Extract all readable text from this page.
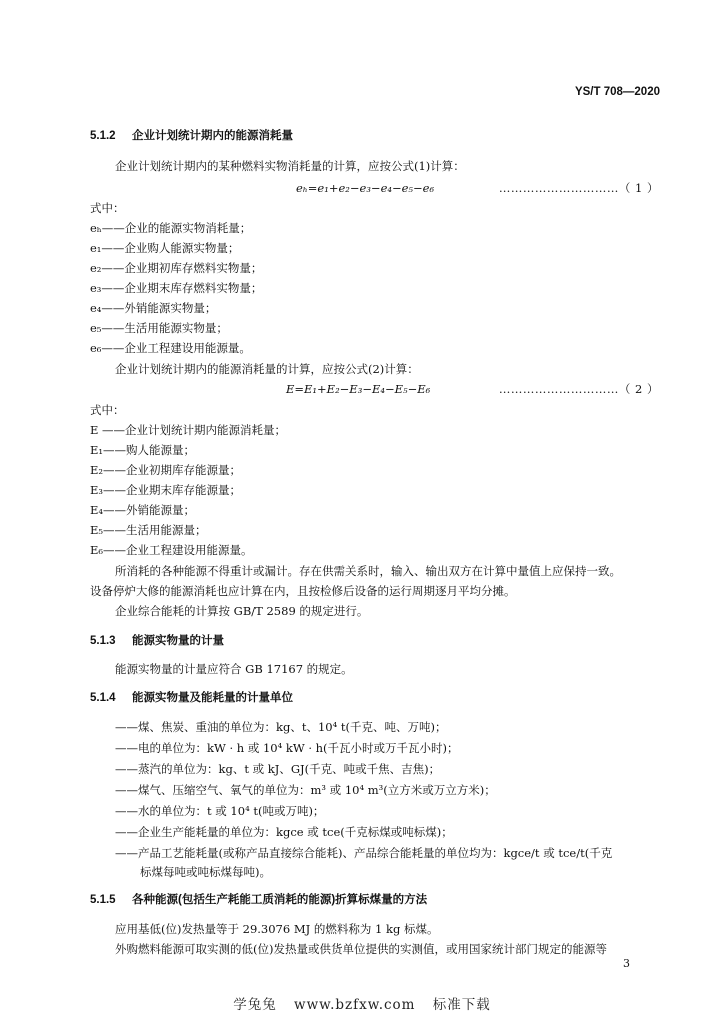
YS/T 708—2020
5.1.2 企业计划统计期内的能源消耗量
企业计划统计期内的某种燃料实物消耗量的计算，应按公式(1)计算：
eₕ=e₁+e₂−e₃−e₄−e₅−e₆	…………………………（ 1 ）
式中：
eₕ——企业的能源实物消耗量；
e₁——企业购人能源实物量；
e₂——企业期初库存燃料实物量；
e₃——企业期末库存燃料实物量；
e₄——外销能源实物量；
e₅——生活用能源实物量；
e₆——企业工程建设用能源量。
企业计划统计期内的能源消耗量的计算，应按公式(2)计算：
E=E₁+E₂−E₃−E₄−E₅−E₆	…………………………（ 2 ）
式中：
E ——企业计划统计期内能源消耗量；
E₁——购人能源量；
E₂——企业初期库存能源量；
E₃——企业期末库存能源量；
E₄——外销能源量；
E₅——生活用能源量；
E₆——企业工程建设用能源量。
所消耗的各种能源不得重计或漏计。存在供需关系时，输入、输出双方在计算中量值上应保持一致。
设备停炉大修的能源消耗也应计算在内，且按检修后设备的运行周期逐月平均分摊。
企业综合能耗的计算按 GB/T 2589 的规定进行。
5.1.3 能源实物量的计量
能源实物量的计量应符合 GB 17167 的规定。
5.1.4 能源实物量及能耗量的计量单位
——煤、焦炭、重油的单位为：kg、t、10⁴ t(千克、吨、万吨)；
——电的单位为：kW · h 或 10⁴ kW · h(千瓦小时或万千瓦小时)；
——蒸汽的单位为：kg、t 或 kJ、GJ(千克、吨或千焦、吉焦)；
——煤气、压缩空气、氧气的单位为：m³ 或 10⁴ m³(立方米或万立方米)；
——水的单位为：t 或 10⁴ t(吨或万吨)；
——企业生产能耗量的单位为：kgce 或 tce(千克标煤或吨标煤)；
——产品工艺能耗量(或称产品直接综合能耗)、产品综合能耗量的单位均为：kgce/t 或 tce/t(千克
标煤每吨或吨标煤每吨)。
5.1.5 各种能源(包括生产耗能工质消耗的能源)折算标煤量的方法
应用基低(位)发热量等于 29.3076 MJ 的燃料称为 1 kg 标煤。
外购燃料能源可取实测的低(位)发热量或供货单位提供的实测值，或用国家统计部门规定的能源等
3
学兔兔 www.bzfxw.com 标准下载
